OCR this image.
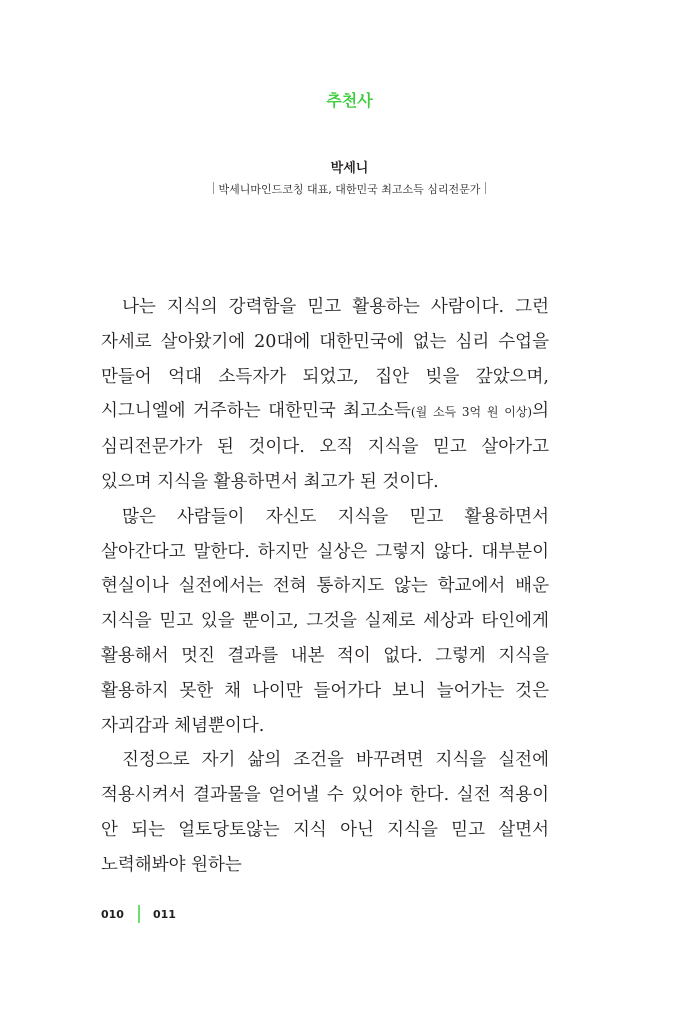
추천사
박세니
박세니마인드코칭 대표, 대한민국 최고소득 심리전문가

나는 지식의 강력함을 믿고 활용하는 사람이다. 그런 자세로 살아왔기에 20대에 대한민국에 없는 심리 수업을 만들어 억대 소득자가 되었고, 집안 빚을 갚았으며, 시그니엘에 거주하는 대한민국 최고소득(월 소득 3억 원 이상)의 심리전문가가 된 것이다. 오직 지식을 믿고 살아가고 있으며 지식을 활용하면서 최고가 된 것이다.

많은 사람들이 자신도 지식을 믿고 활용하면서 살아간다고 말한다. 하지만 실상은 그렇지 않다. 대부분이 현실이나 실전에서는 전혀 통하지도 않는 학교에서 배운 지식을 믿고 있을 뿐이고, 그것을 실제로 세상과 타인에게 활용해서 멋진 결과를 내본 적이 없다. 그렇게 지식을 활용하지 못한 채 나이만 들어가다 보니 늘어가는 것은 자괴감과 체념뿐이다.

진정으로 자기 삶의 조건을 바꾸려면 지식을 실전에 적용시켜서 결과물을 얻어낼 수 있어야 한다. 실전 적용이 안 되는 얼토당토않는 지식 아닌 지식을 믿고 살면서 노력해봐야 원하는

010	011
